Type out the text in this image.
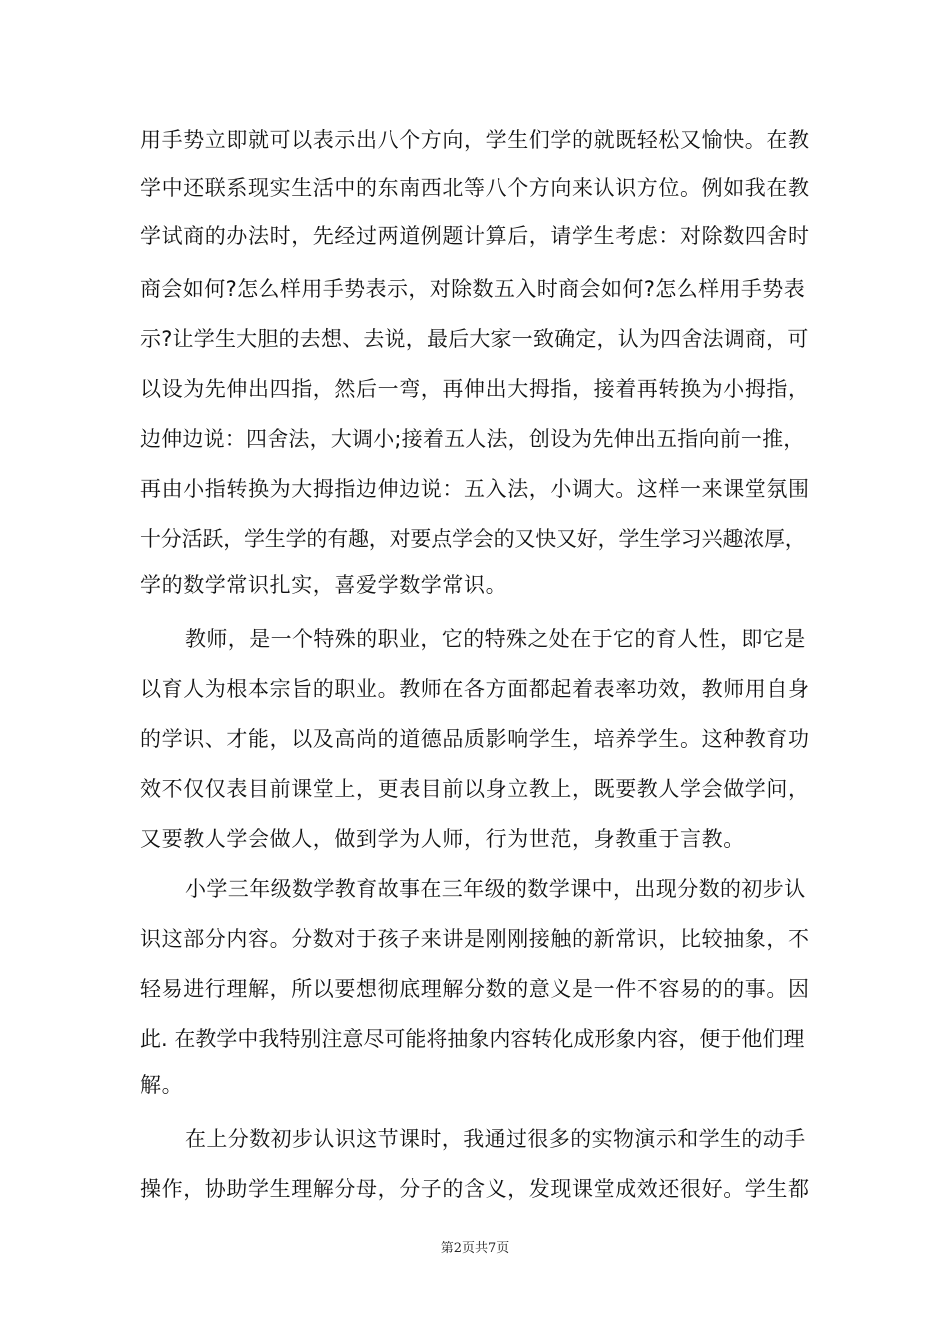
用手势立即就可以表示出八个方向，学生们学的就既轻松又愉快。在教
学中还联系现实生活中的东南西北等八个方向来认识方位。例如我在教
学试商的办法时，先经过两道例题计算后，请学生考虑：对除数四舍时
商会如何?怎么样用手势表示，对除数五入时商会如何?怎么样用手势表
示?让学生大胆的去想、去说，最后大家一致确定，认为四舍法调商，可
以设为先伸出四指，然后一弯，再伸出大拇指，接着再转换为小拇指，
边伸边说：四舍法，大调小;接着五人法，创设为先伸出五指向前一推，
再由小指转换为大拇指边伸边说：五入法，小调大。这样一来课堂氛围
十分活跃，学生学的有趣，对要点学会的又快又好，学生学习兴趣浓厚，
学的数学常识扎实，喜爱学数学常识。
教师，是一个特殊的职业，它的特殊之处在于它的育人性，即它是
以育人为根本宗旨的职业。教师在各方面都起着表率功效，教师用自身
的学识、才能，以及高尚的道德品质影响学生，培养学生。这种教育功
效不仅仅表目前课堂上，更表目前以身立教上，既要教人学会做学问，
又要教人学会做人，做到学为人师，行为世范，身教重于言教。
小学三年级数学教育故事在三年级的数学课中，出现分数的初步认
识这部分内容。分数对于孩子来讲是刚刚接触的新常识，比较抽象，不
轻易进行理解，所以要想彻底理解分数的意义是一件不容易的的事。因
此. 在教学中我特别注意尽可能将抽象内容转化成形象内容，便于他们理
解。
在上分数初步认识这节课时，我通过很多的实物演示和学生的动手
操作，协助学生理解分母，分子的含义，发现课堂成效还很好。学生都
第2页共7页
